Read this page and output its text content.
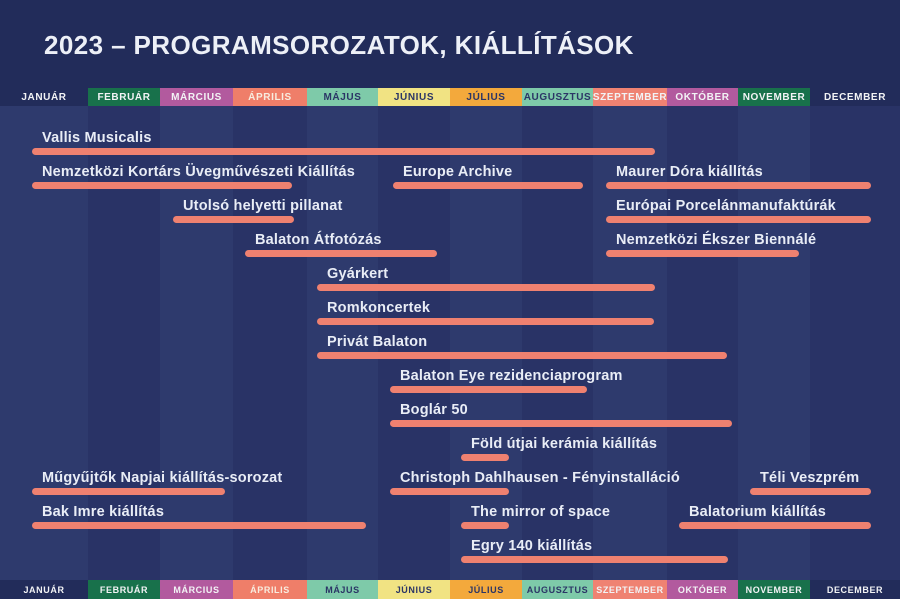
2023 – PROGRAMSOROZATOK, KIÁLLÍTÁSOK
JANUÁR	FEBRUÁR MÁRCIUS	ÁPRILIS	MÁJUS	JÚNIUS	JÚLIUS AUGUSZTUS SZEPTEMBER OKTÓBER NOVEMBER DECEMBER
Vallis Musicalis
Nemzetközi Kortárs Üvegművészeti Kiállítás	Europe Archive	Maurer Dóra kiállítás
Utolsó helyetti pillanat	Európai Porcelánmanufaktúrák
Balaton Átfotózás	Nemzetközi Ékszer Biennálé
Gyárkert
Romkoncertek
Privát Balaton
Balaton Eye rezidenciaprogram
Boglár 50
Föld útjai kerámia kiállítás
Műgyűjtők Napjai kiállítás-sorozat	Christoph Dahlhausen - Fényinstalláció	Téli Veszprém
Bak Imre kiállítás	The mirror of space	Balatorium kiállítás
Egry 140 kiállítás
JANUÁR	FEBRUÁR	MÁRCIUS	ÁPRILIS	MÁJUS	JÚNIUS	JÚLIUS	AUGUSZTUS SZEPTEMBER OKTÓBER NOVEMBER	DECEMBER
